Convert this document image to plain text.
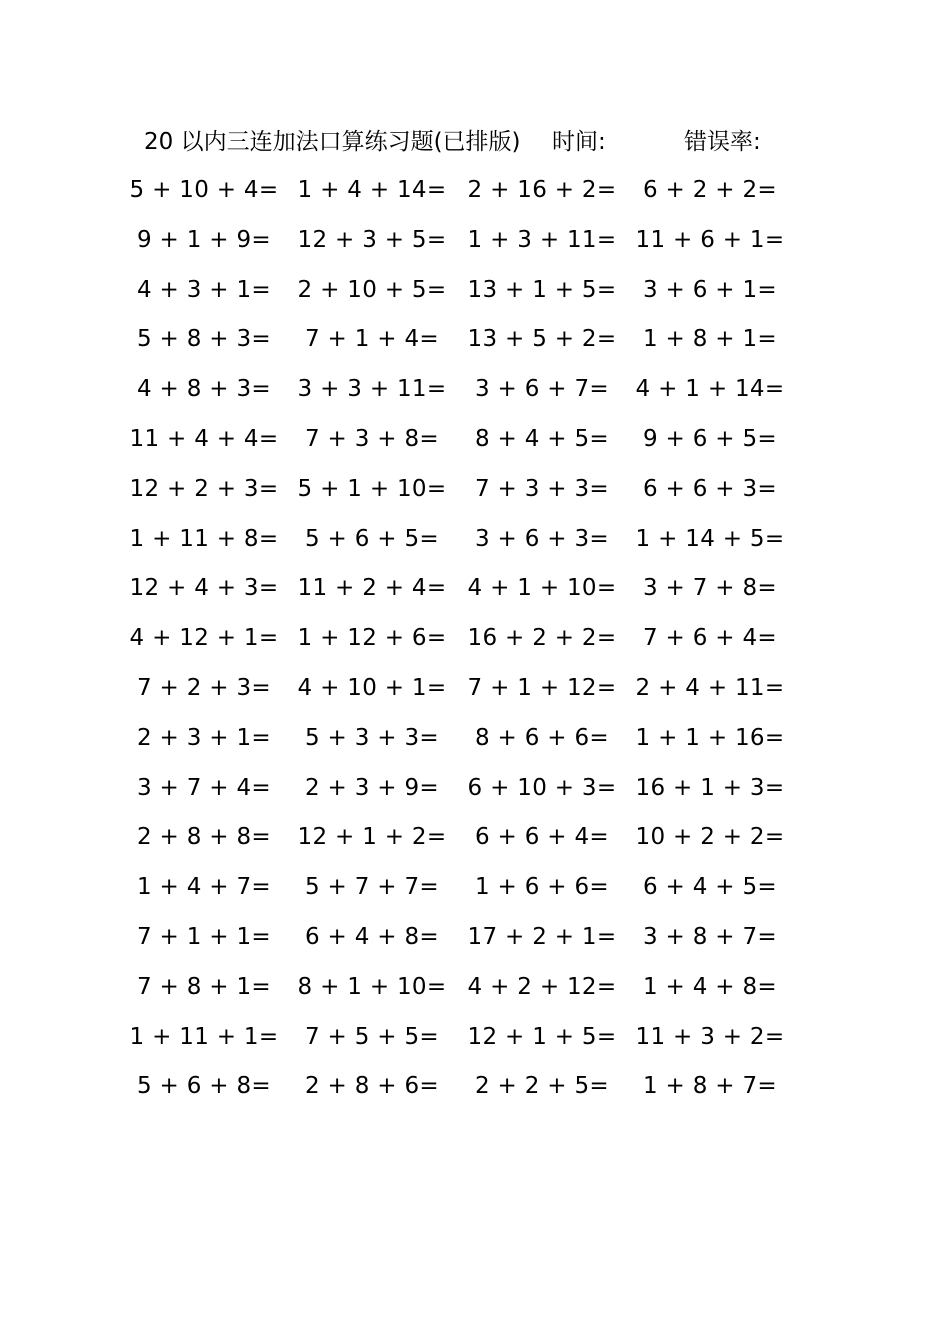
20 以内三连加法口算练习题(已排版) 时间:	错误率:
5 + 10 + 4= 1 + 4 + 14= 2 + 16 + 2=	6 + 2 + 2=
9 + 1 + 9=	12 + 3 + 5= 1 + 3 + 11= 11 + 6 + 1=
4 + 3 + 1=	2 + 10 + 5= 13 + 1 + 5=	3 + 6 + 1=
5 + 8 + 3=	7 + 1 + 4=	13 + 5 + 2=	1 + 8 + 1=
4 + 8 + 3=	3 + 3 + 11=	3 + 6 + 7=	4 + 1 + 14=
11 + 4 + 4=	7 + 3 + 8=	8 + 4 + 5=	9 + 6 + 5=
12 + 2 + 3= 5 + 1 + 10=	7 + 3 + 3=	6 + 6 + 3=
1 + 11 + 8=	5 + 6 + 5=	3 + 6 + 3=	1 + 14 + 5=
12 + 4 + 3= 11 + 2 + 4= 4 + 1 + 10=	3 + 7 + 8=
4 + 12 + 1= 1 + 12 + 6= 16 + 2 + 2=	7 + 6 + 4=
7 + 2 + 3=	4 + 10 + 1= 7 + 1 + 12= 2 + 4 + 11=
2 + 3 + 1=	5 + 3 + 3=	8 + 6 + 6=	1 + 1 + 16=
3 + 7 + 4=	2 + 3 + 9=	6 + 10 + 3= 16 + 1 + 3=
2 + 8 + 8=	12 + 1 + 2=	6 + 6 + 4=	10 + 2 + 2=
1 + 4 + 7=	5 + 7 + 7=	1 + 6 + 6=	6 + 4 + 5=
7 + 1 + 1=	6 + 4 + 8=	17 + 2 + 1=	3 + 8 + 7=
7 + 8 + 1=	8 + 1 + 10= 4 + 2 + 12=	1 + 4 + 8=
1 + 11 + 1=	7 + 5 + 5=	12 + 1 + 5= 11 + 3 + 2=
5 + 6 + 8=	2 + 8 + 6=	2 + 2 + 5=	1 + 8 + 7=
